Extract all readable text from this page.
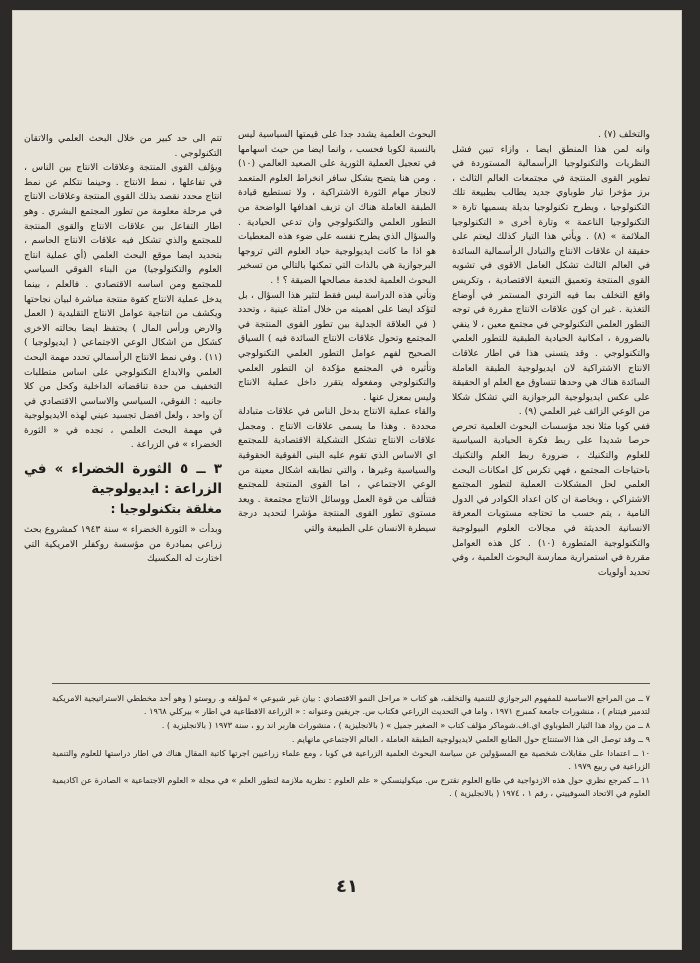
والتخلف (٧) .

وانه لمن هذا المنطق ايضا ، وازاء تبين فشل النظريات والتكنولوجيا الرأسمالية المستوردة في تطوير القوى المنتجة في مجتمعات العالم الثالث ، برز مؤخرا تيار طوباوي جديد يطالب بطبيعة تلك التكنولوجيا ، ويطرح تكنولوجيا بديلة يسميها تارة « التكنولوجيا الناعمة » وتارة أخرى « التكنولوجيا الملائمة » (٨) . ويأتي هذا التيار كذلك ليعتم على حقيقة ان علاقات الانتاج والتبادل الرأسمالية السائدة في العالم الثالث تشكل العامل الاقوى في تشويه القوى المنتجة وتعميق التبعية الاقتصادية ، وتكريس واقع التخلف بما فيه التردي المستمر في أوضاع التغذية . غير ان كون علاقات الانتاج مقررة في توجه التطور العلمي التكنولوجي في مجتمع معين ، لا ينفي بالضرورة ، امكانية الحيادية الطبقية للتطور العلمي والتكنولوجي . وقد يتسنى هذا في اطار علاقات الانتاج الاشتراكية لان ايديولوجية الطبقة العاملة السائدة هناك هي وحدها تتساوق مع العلم او الحقيقة على عكس ايديولوجية البرجوازية التي تشكل شكلا من الوعي الزائف غير العلمي (٩) .

ففي كوبا مثلا نجد مؤسسات البحوث العلمية تحرص حرصا شديدا على ربط فكرة الحيادية السياسية للعلوم والتكنيك ، ضرورة ربط العلم والتكنيك باحتياجات المجتمع ، فهي تكرس كل امكانات البحث العلمي لحل المشكلات العملية لتطور المجتمع الاشتراكي ، وبخاصة ان كان اعداد الكوادر في الدول النامية ، يتم حسب ما تحتاجه مستويات المعرفة الانسانية الحديثة في مجالات العلوم البيولوجية والتكنولوجية المتطورة (١٠) . كل هذه العوامل مقررة في استمرارية ممارسة البحوث العلمية ، وفي تحديد أولويات

البحوث العلمية يشدد جدا على قيمتها السياسية ليس بالنسبة لكوبا فحسب ، وانما ايضا من حيث اسهامها في تعجيل العملية الثورية على الصعيد العالمي (١٠) . ومن هنا يتضح بشكل سافر انخراط العلوم المتعمد لانجاز مهام الثورة الاشتراكية ، ولا تستطيع قيادة الطبقة العاملة هناك ان تزيف اهدافها الواضحة من التطور العلمي والتكنولوجي وان تدعي الحيادية . والسؤال الذي يطرح نفسه على ضوء هذه المعطيات هو اذا ما كانت ايديولوجية حياد العلوم التي تروجها البرجوازية هي بالذات التي تمكنها بالتالي من تسخير البحوث العلمية لخدمة مصالحها الضيقة ؟ ! .

وتأتي هذه الدراسة ليس فقط لتثير هذا السؤال ، بل لتؤكد ايضا على اهميته من خلال امثلة عينية ، وتحدد ( في العلاقة الجدلية بين تطور القوى المنتجة في المجتمع وتحول علاقات الانتاج السائدة فيه ) السياق الصحيح لفهم عوامل التطور العلمي التكنولوجي وتأثيره في المجتمع مؤكدة ان التطور العلمي والتكنولوجي ومفعوله يتقرر داخل عملية الانتاج وليس بمعزل عنها .

والقاء عملية الانتاج بدخل الناس في علاقات متبادلة محددة . وهذا ما يسمى علاقات الانتاج . ومجمل علاقات الانتاج تشكل التشكيلة الاقتصادية للمجتمع اي الاساس الذي تقوم عليه البنى الفوقية الحقوقية والسياسية وغيرها ، والتي تطابقه اشكال معينة من الوعي الاجتماعي ، اما القوى المنتجة للمجتمع فتتألف من قوة العمل ووسائل الانتاج مجتمعة . ويعد مستوى تطور القوى المنتجة مؤشرا لتحديد درجة سيطرة الانسان على الطبيعة والتي

تتم الى حد كبير من خلال البحث العلمي والاتقان التكنولوجي .

ويؤلف القوى المنتجة وعلاقات الانتاج بين الناس ، في تفاعلها ، نمط الانتاج . وحينما نتكلم عن نمط انتاج محدد نقصد بذلك القوى المنتجة وعلاقات الانتاج في مرحلة معلومة من تطور المجتمع البشري . وهو اطار التفاعل بين علاقات الانتاج والقوى المنتجة للمجتمع والذي تشكل فيه علاقات الانتاج الحاسم ، بتحديد ايضا موقع البحث العلمي (أي عملية انتاج العلوم والتكنولوجيا) من البناء الفوقي السياسي للمجتمع ومن اساسه الاقتصادي . فالعلم ، بينما يدخل عملية الانتاج كقوة منتجة مباشرة لبيان نجاحتها ويكشف من انتاجية عوامل الانتاج التقليدية ( العمل والارض ورأس المال ) يحتفظ ايضا بحالته الاخرى كشكل من اشكال الوعي الاجتماعي ( ايديولوجيا ) (١١) . وفي نمط الانتاج الرأسمالي تحدد مهمة البحث العلمي والابداع التكنولوجي على اساس متطلبات التخفيف من حدة تناقضاته الداخلية وكحل من كلا جانبيه : الفوقي، السياسي والاساسي الاقتصادي في آن واحد ، ولعل افضل تجسيد عيني لهذه الايديولوجية في مهمة البحث العلمي ، تجده في « الثورة الخضراء » في الزراعة .

٣ ــ ٥ الثورة الخضراء » في الزراعة : ايديولوجية
مغلقة بتكنولوجيا :

وبدأت « الثورة الخضراء » سنة ١٩٤٣ كمشروع بحث زراعي بمبادرة من مؤسسة روكفلر الامريكية التي اختارت له المكسيك

٧ ــ من المراجع الاساسية للمفهوم البرجوازي للتنمية والتخلف، هو كتاب « مراحل النمو الاقتصادي : بيان غير شيوعي » لمؤلفه و. روستو ( وهو أحد مخططي الاستراتيجية الامريكية لتدمير فيتنام ) ، منشورات جامعة كمبرج ١٩٧١ ، واما في التحديث الزراعي فكتاب س. جريفين وعنوانه : « الزراعة الاقطاعية في اطار » بيركلي ١٩٦٨ .

٨ ــ من رواد هذا التيار الطوباوي اي.اف.شوماكر مؤلف كتاب « الصغير جميل » ( بالانجليزية ) ، منشورات هاربر اند رو ، سنة ١٩٧٣ ( بالانجليزية ) .

٩ ــ وقد توصل الى هذا الاستنتاج حول الطابع العلمي لايديولوجية الطبقة العاملة ، العالم الاجتماعي مانهايم .

١٠ ــ اعتمادا على مقابلات شخصية مع المسؤولين عن سياسة البحوث العلمية الزراعية في كوبا ، ومع علماء زراعيين اجرتها كاتبة المقال هناك في اطار دراستها للعلوم والتنمية الزراعية في ربيع ١٩٧٩ .

١١ ــ كمرجع نظري حول هذه الازدواجية في طابع العلوم نقترح س. ميكولينسكي « علم العلوم : نظرية ملازمة لتطور العلم » في مجلة « العلوم الاجتماعية » الصادرة عن اكاديمية العلوم في الاتحاد السوفييتي ، رقم ١ ، ١٩٧٤ ( بالانجليزية ) .

٤١
